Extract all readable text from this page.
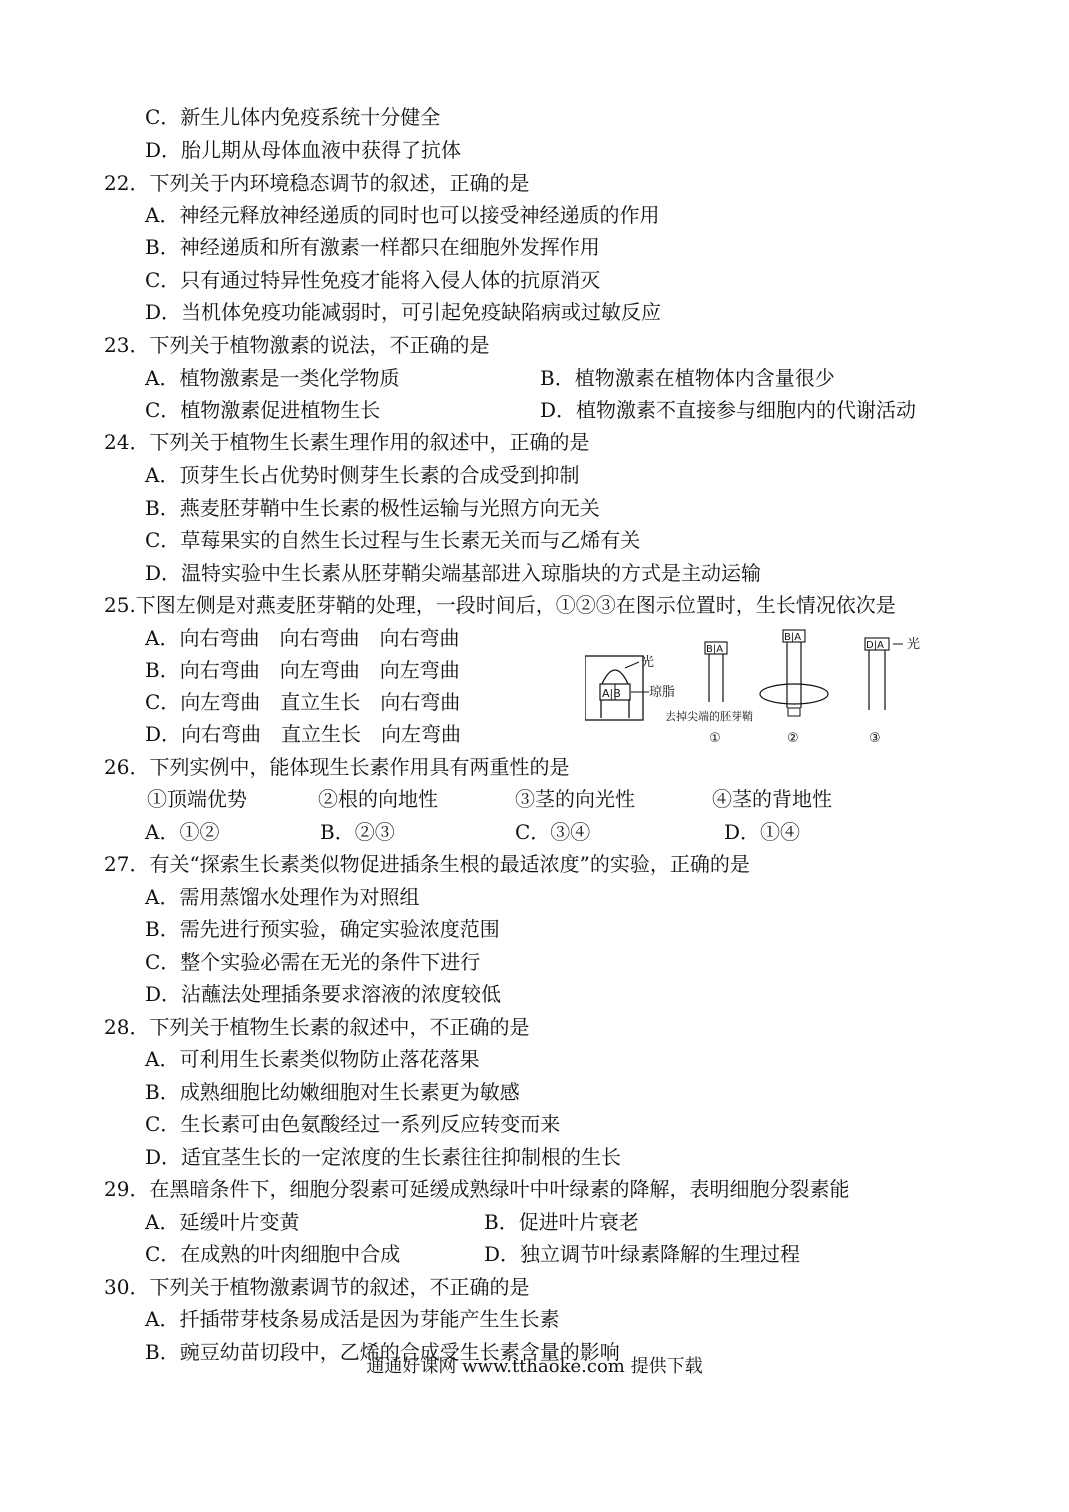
C．新生儿体内免疫系统十分健全
D．胎儿期从母体血液中获得了抗体
22．下列关于内环境稳态调节的叙述，正确的是
A．神经元释放神经递质的同时也可以接受神经递质的作用
B．神经递质和所有激素一样都只在细胞外发挥作用
C．只有通过特异性免疫才能将入侵人体的抗原消灭
D．当机体免疫功能减弱时，可引起免疫缺陷病或过敏反应
23．下列关于植物激素的说法，不正确的是
A．植物激素是一类化学物质	B．植物激素在植物体内含量很少
C．植物激素促进植物生长	D．植物激素不直接参与细胞内的代谢活动
24．下列关于植物生长素生理作用的叙述中，正确的是
A．顶芽生长占优势时侧芽生长素的合成受到抑制
B．燕麦胚芽鞘中生长素的极性运输与光照方向无关
C．草莓果实的自然生长过程与生长素无关而与乙烯有关
D．温特实验中生长素从胚芽鞘尖端基部进入琼脂块的方式是主动运输
25.下图左侧是对燕麦胚芽鞘的处理，一段时间后，①②③在图示位置时，生长情况依次是
A．向右弯曲　向右弯曲　向右弯曲
B．向右弯曲　向左弯曲　向左弯曲
C．向左弯曲　直立生长　向右弯曲
D．向右弯曲　直立生长　向左弯曲
A|B
光
琼脂
B|A
①
B|A
②
去掉尖端的胚芽鞘
D|A 光
③
26．下列实例中，能体现生长素作用具有两重性的是
①顶端优势	②根的向地性	③茎的向光性	④茎的背地性
A．①②	B．②③	C．③④	D．①④
27．有关“探索生长素类似物促进插条生根的最适浓度”的实验，正确的是
A．需用蒸馏水处理作为对照组
B．需先进行预实验，确定实验浓度范围
C．整个实验必需在无光的条件下进行
D．沾蘸法处理插条要求溶液的浓度较低
28．下列关于植物生长素的叙述中，不正确的是
A．可利用生长素类似物防止落花落果
B．成熟细胞比幼嫩细胞对生长素更为敏感
C．生长素可由色氨酸经过一系列反应转变而来
D．适宜茎生长的一定浓度的生长素往往抑制根的生长
29．在黑暗条件下，细胞分裂素可延缓成熟绿叶中叶绿素的降解，表明细胞分裂素能
A．延缓叶片变黄	B．促进叶片衰老
C．在成熟的叶肉细胞中合成	D．独立调节叶绿素降解的生理过程
30．下列关于植物激素调节的叙述，不正确的是
A．扦插带芽枝条易成活是因为芽能产生生长素
B．豌豆幼苗切段中，乙烯的合成受生长素含量的影响
通通好课网 www.tthaoke.com 提供下载
